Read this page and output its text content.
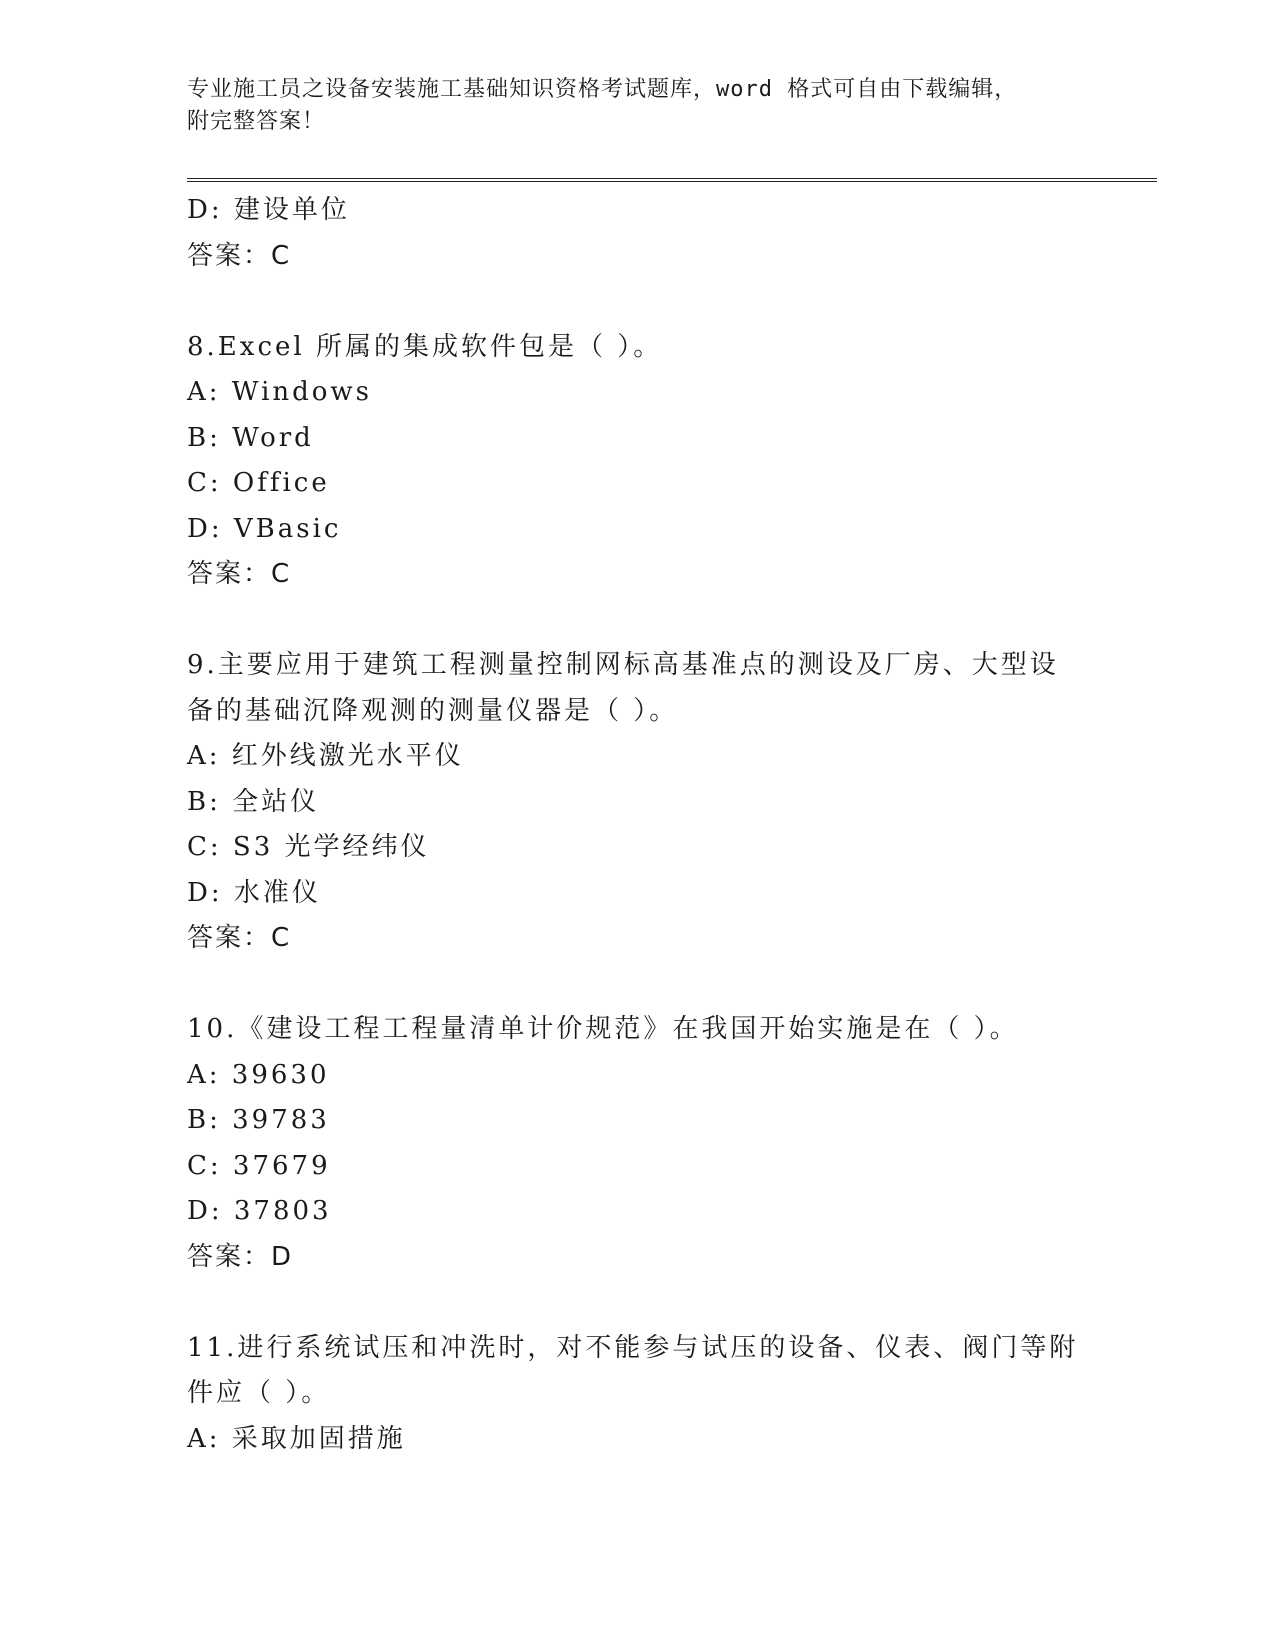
专业施工员之设备安装施工基础知识资格考试题库，word 格式可自由下载编辑，
附完整答案！
D: 建设单位
答案：C
8.Excel 所属的集成软件包是（ ）。
A: Windows
B: Word
C: Office
D: VBasic
答案：C
9.主要应用于建筑工程测量控制网标高基准点的测设及厂房、大型设
备的基础沉降观测的测量仪器是（ ）。
A: 红外线激光水平仪
B: 全站仪
C: S3 光学经纬仪
D: 水准仪
答案：C
10.《建设工程工程量清单计价规范》在我国开始实施是在（ ）。
A: 39630
B: 39783
C: 37679
D: 37803
答案：D
11.进行系统试压和冲洗时，对不能参与试压的设备、仪表、阀门等附
件应（ ）。
A: 采取加固措施
